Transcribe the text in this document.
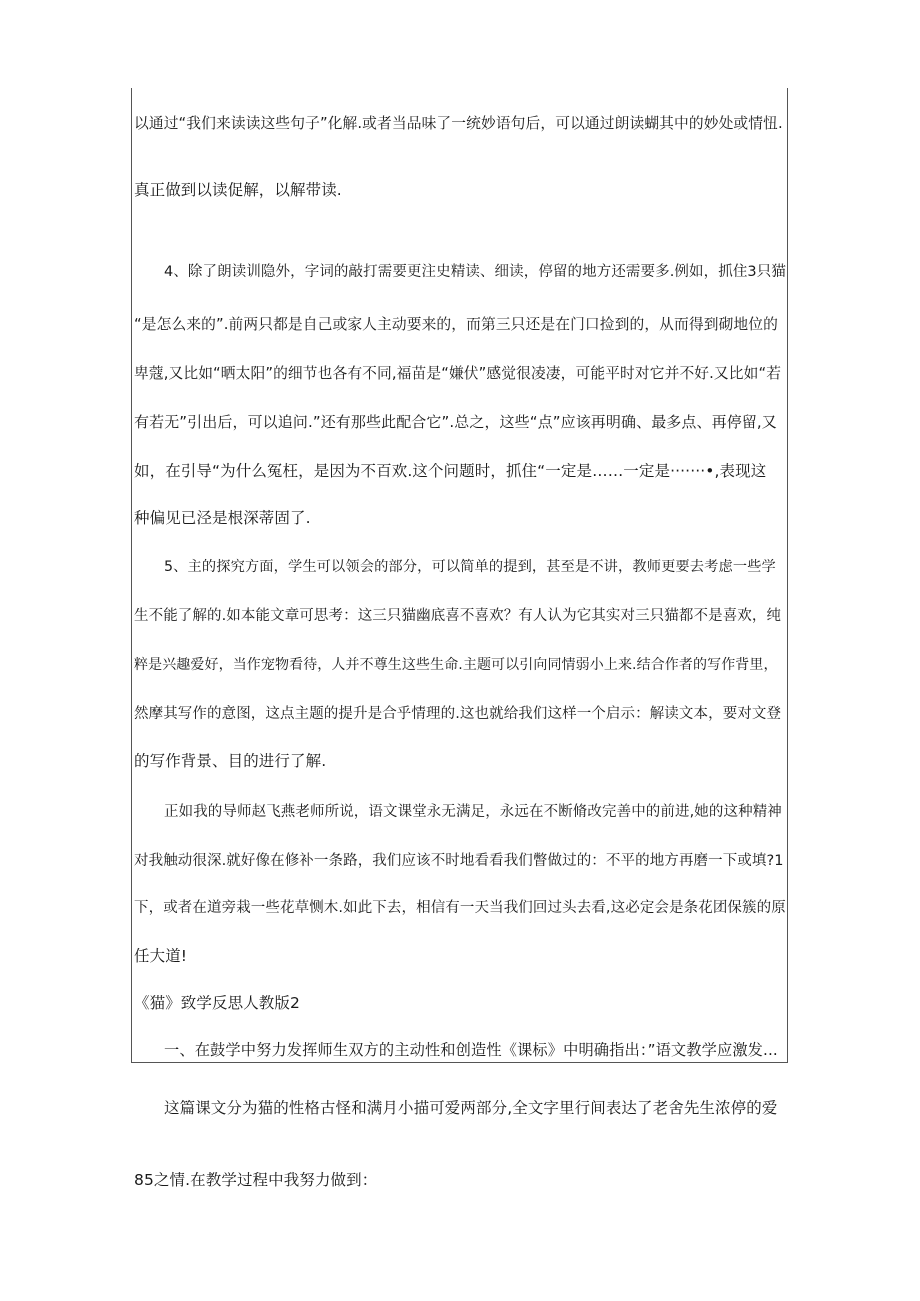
以通过“我们来读读这些句子”化解.或者当品味了一统妙语句后，可以通过朗读蝴其中的妙处或情忸.
真正做到以读促解，以解带读.
4、除了朗读训隐外，字词的敲打需要更注史精读、细读，停留的地方还需要多.例如，抓住3只猫
“是怎么来的”.前两只都是自己或家人主动要来的，而第三只还是在门口捡到的，从而得到砌地位的
卑蔻,又比如“晒太阳”的细节也各有不同,福苗是“嫌伏”感觉很凌凄，可能平时对它并不好.又比如“若
有若无”引出后，可以追问.”还有那些此配合它”.总之，这些“点”应该再明确、最多点、再停留,又
如，在引导“为什么冤枉，是因为不百欢.这个问题时，抓住“一定是……一定是·······•,表现这
种偏见已泾是根深蒂固了.
5、主的探究方面，学生可以领会的部分，可以简单的提到，甚至是不讲，教师更要去考虑一些学
生不能了解的.如本能文章可思考：这三只猫幽底喜不喜欢？有人认为它其实对三只猫都不是喜欢，纯
粹是兴趣爱好，当作宠物看待，人并不尊生这些生命.主题可以引向同情弱小上来.结合作者的写作背里，
然摩其写作的意图，这点主题的提升是合乎情理的.这也就给我们这样一个启示：解读文本，要对文登
的写作背景、目的进行了解.
正如我的导师赵飞燕老师所说，语文课堂永无满足，永远在不断脩改完善中的前进,她的这种精神
对我触动很深.就好像在修补一条路，我们应该不时地看看我们瞥做过的：不平的地方再磨一下或填?1
下，或者在道旁栽一些花草恻木.如此下去，相信有一天当我们回过头去看,这必定会是条花团保簇的原
任大道!
《猫》致学反思人教版2
一、在鼓学中努力发挥师生双方的主动性和创造性《课标》中明确指出：”语文教学应激发...
这篇课文分为猫的性格古怪和满月小描可爱两部分,全文字里行间表达了老舍先生浓停的爱
85之情.在教学过程中我努力做到：
